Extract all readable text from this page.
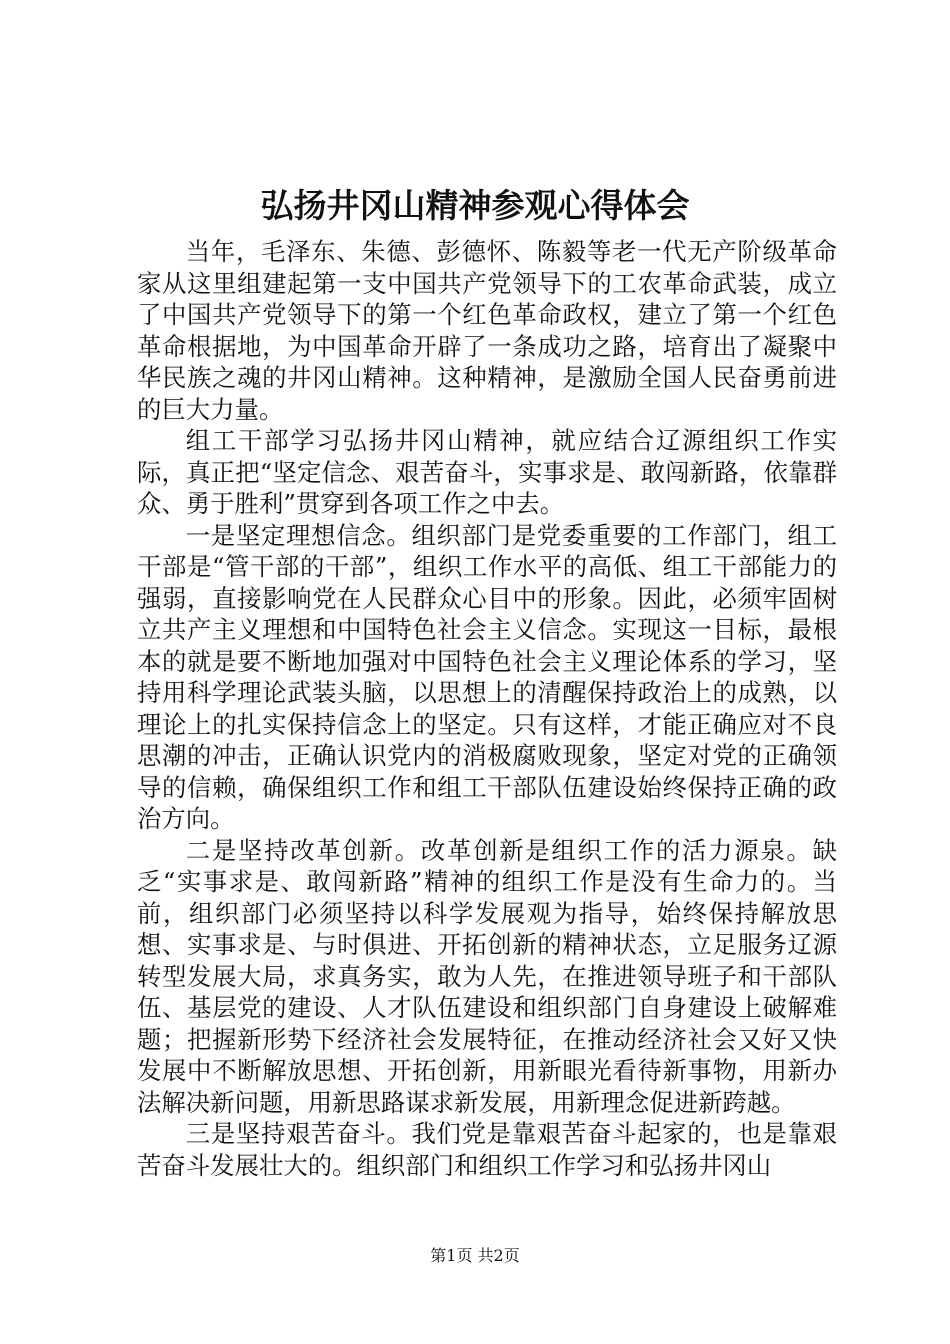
弘扬井冈山精神参观心得体会

当年，毛泽东、朱德、彭德怀、陈毅等老一代无产阶级革命家从这里组建起第一支中国共产党领导下的工农革命武装，成立了中国共产党领导下的第一个红色革命政权，建立了第一个红色革命根据地，为中国革命开辟了一条成功之路，培育出了凝聚中华民族之魂的井冈山精神。这种精神，是激励全国人民奋勇前进的巨大力量。

组工干部学习弘扬井冈山精神，就应结合辽源组织工作实际，真正把“坚定信念、艰苦奋斗，实事求是、敢闯新路，依靠群众、勇于胜利”贯穿到各项工作之中去。

一是坚定理想信念。组织部门是党委重要的工作部门，组工干部是“管干部的干部”，组织工作水平的高低、组工干部能力的强弱，直接影响党在人民群众心目中的形象。因此，必须牢固树立共产主义理想和中国特色社会主义信念。实现这一目标，最根本的就是要不断地加强对中国特色社会主义理论体系的学习，坚持用科学理论武装头脑，以思想上的清醒保持政治上的成熟，以理论上的扎实保持信念上的坚定。只有这样，才能正确应对不良思潮的冲击，正确认识党内的消极腐败现象，坚定对党的正确领导的信赖，确保组织工作和组工干部队伍建设始终保持正确的政治方向。

二是坚持改革创新。改革创新是组织工作的活力源泉。缺乏“实事求是、敢闯新路”精神的组织工作是没有生命力的。当前，组织部门必须坚持以科学发展观为指导，始终保持解放思想、实事求是、与时俱进、开拓创新的精神状态，立足服务辽源转型发展大局，求真务实，敢为人先，在推进领导班子和干部队伍、基层党的建设、人才队伍建设和组织部门自身建设上破解难题；把握新形势下经济社会发展特征，在推动经济社会又好又快发展中不断解放思想、开拓创新，用新眼光看待新事物，用新办法解决新问题，用新思路谋求新发展，用新理念促进新跨越。

三是坚持艰苦奋斗。我们党是靠艰苦奋斗起家的，也是靠艰苦奋斗发展壮大的。组织部门和组织工作学习和弘扬井冈山

第1页 共2页
